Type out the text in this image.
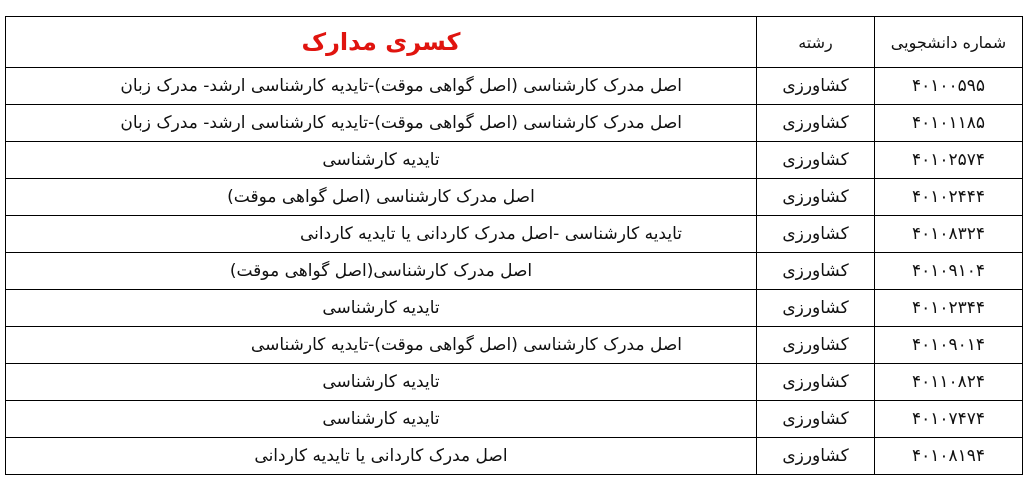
شماره دانشجویی	رشته	کسری مدارک
۴۰۱۰۰۵۹۵	کشاورزی	اصل مدرک کارشناسی (اصل گواهی موقت)-تایدیه کارشناسی ارشد- مدرک زبان
۴۰۱۰۱۱۸۵	کشاورزی	اصل مدرک کارشناسی (اصل گواهی موقت)-تایدیه کارشناسی ارشد- مدرک زبان
۴۰۱۰۲۵۷۴	کشاورزی	تایدیه کارشناسی
۴۰۱۰۲۴۴۴	کشاورزی	اصل مدرک کارشناسی (اصل گواهی موقت)
۴۰۱۰۸۳۲۴	کشاورزی	تایدیه کارشناسی -اصل مدرک کاردانی یا تایدیه کاردانی
۴۰۱۰۹۱۰۴	کشاورزی	اصل مدرک کارشناسی(اصل گواهی موقت)
۴۰۱۰۲۳۴۴	کشاورزی	تایدیه کارشناسی
۴۰۱۰۹۰۱۴	کشاورزی	اصل مدرک کارشناسی (اصل گواهی موقت)-تایدیه کارشناسی
۴۰۱۱۰۸۲۴	کشاورزی	تایدیه کارشناسی
۴۰۱۰۷۴۷۴	کشاورزی	تایدیه کارشناسی
۴۰۱۰۸۱۹۴	کشاورزی	اصل مدرک کاردانی یا تایدیه کاردانی
